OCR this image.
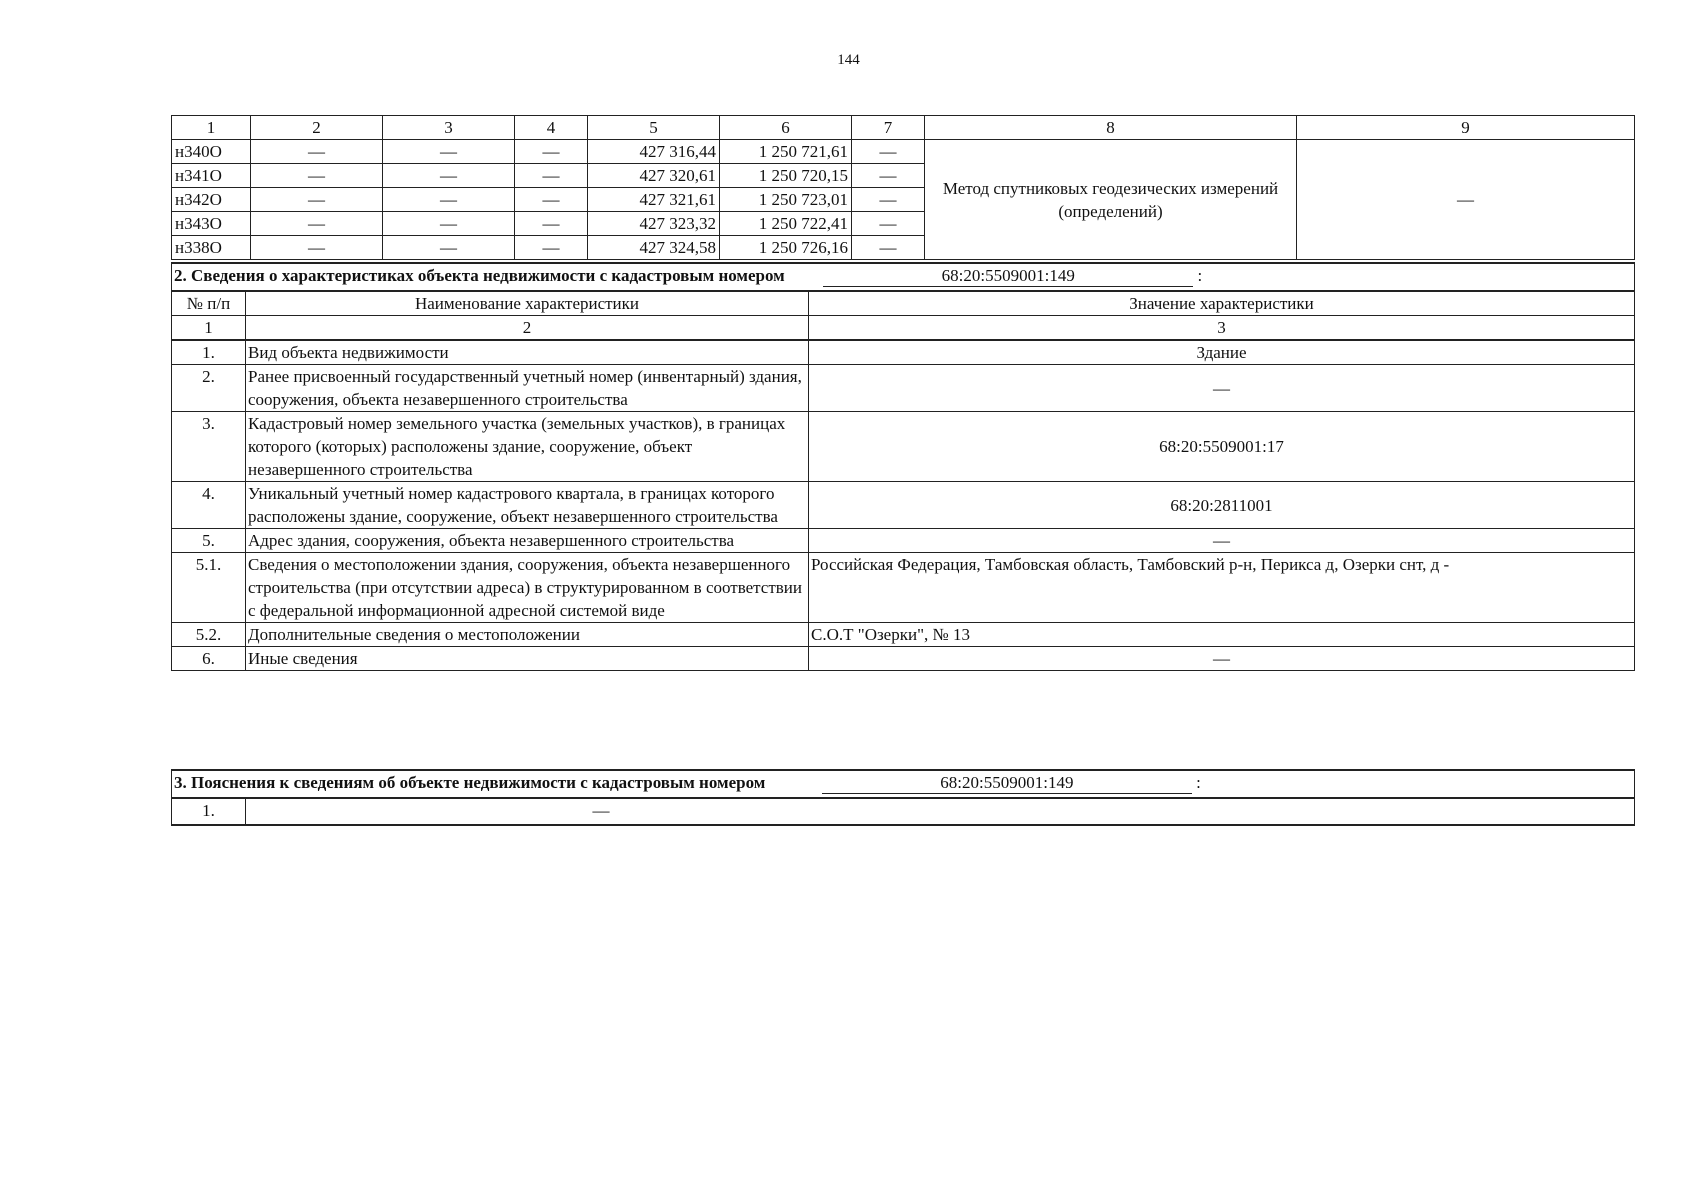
144
1	2	3	4	5	6	7	8	9
н340О	—	—	—	427 316,44	1 250 721,61	—	Метод спутниковых геодезических измерений (определений)	—
н341О	—	—	—	427 320,61	1 250 720,15	—		
н342О	—	—	—	427 321,61	1 250 723,01	—		
н343О	—	—	—	427 323,32	1 250 722,41	—		
н338О	—	—	—	427 324,58	1 250 726,16	—		
2. Сведения о характеристиках объекта недвижимости с кадастровым номером 68:20:5509001:149 :		
№ п/п	Наименование характеристики	Значение характеристики
1	2	3
1.	Вид объекта недвижимости	Здание
2.	Ранее присвоенный государственный учетный номер (инвентарный) здания, сооружения, объекта незавершенного строительства	—
3.	Кадастровый номер земельного участка (земельных участков), в границах которого (которых) расположены здание, сооружение, объект незавершенного строительства	68:20:5509001:17
4.	Уникальный учетный номер кадастрового квартала, в границах которого расположены здание, сооружение, объект незавершенного строительства	68:20:2811001
5.	Адрес здания, сооружения, объекта незавершенного строительства	—
5.1.	Сведения о местоположении здания, сооружения, объекта незавершенного строительства (при отсутствии адреса) в структурированном в соответствии с федеральной информационной адресной системой виде	Российская Федерация, Тамбовская область, Тамбовский р-н, Перикса д, Озерки снт, д -
5.2.	Дополнительные сведения о местоположении	С.О.Т "Озерки", № 13
6.	Иные сведения	—
3. Пояснения к сведениям об объекте недвижимости с кадастровым номером	68:20:5509001:149	:
1.	—
